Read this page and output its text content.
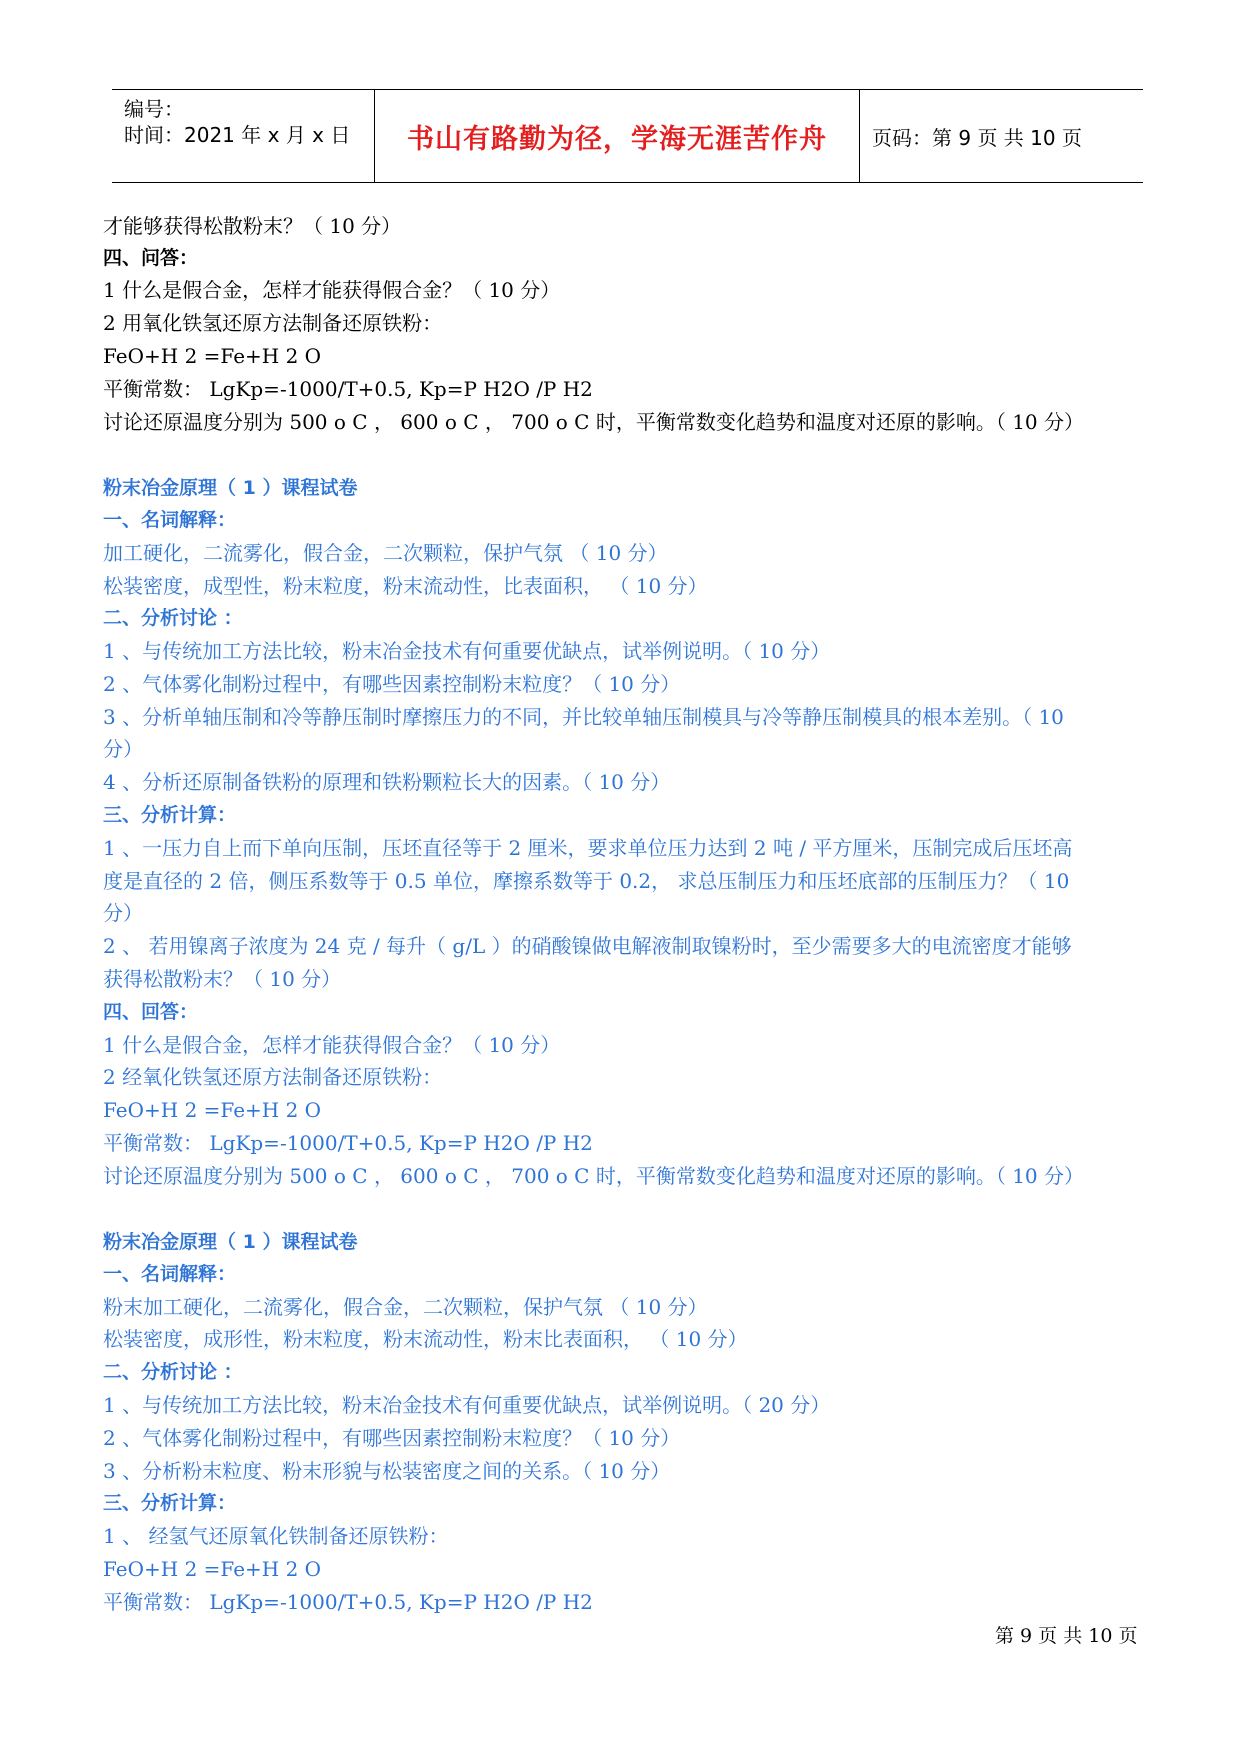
编号：
时间：2021 年 x 月 x 日 书山有路勤为径，学海无涯苦作舟 页码：第 9 页 共 10 页
才能够获得松散粉末？（ 10 分）
四、问答：
1 什么是假合金，怎样才能获得假合金？（ 10 分）
2 用氧化铁氢还原方法制备还原铁粉：
FeO+H 2 =Fe+H 2 O
平衡常数： LgKp=-1000/T+0.5, Kp=P H2O /P H2
讨论还原温度分别为 500 o C ， 600 o C ， 700 o C 时，平衡常数变化趋势和温度对还原的影响。（ 10 分）
粉末冶金原理（ 1 ）课程试卷
一、名词解释：
加工硬化，二流雾化，假合金，二次颗粒，保护气氛 （ 10 分）
松装密度，成型性，粉末粒度，粉末流动性，比表面积， （ 10 分）
二、分析讨论 ：
1 、与传统加工方法比较，粉末冶金技术有何重要优缺点，试举例说明。（ 10 分）
2 、气体雾化制粉过程中，有哪些因素控制粉末粒度？（ 10 分）
3 、分析单轴压制和冷等静压制时摩擦压力的不同，并比较单轴压制模具与冷等静压制模具的根本差别。（ 10
分）
4 、分析还原制备铁粉的原理和铁粉颗粒长大的因素。（ 10 分）
三、分析计算：
1 、一压力自上而下单向压制，压坯直径等于 2 厘米，要求单位压力达到 2 吨 / 平方厘米，压制完成后压坯高
度是直径的 2 倍，侧压系数等于 0.5 单位，摩擦系数等于 0.2， 求总压制压力和压坯底部的压制压力？（ 10
分）
2 、 若用镍离子浓度为 24 克 / 每升（ g/L ）的硝酸镍做电解液制取镍粉时，至少需要多大的电流密度才能够
获得松散粉末？（ 10 分）
四、回答：
1 什么是假合金，怎样才能获得假合金？（ 10 分）
2 经氧化铁氢还原方法制备还原铁粉：
FeO+H 2 =Fe+H 2 O
平衡常数： LgKp=-1000/T+0.5, Kp=P H2O /P H2
讨论还原温度分别为 500 o C ， 600 o C ， 700 o C 时，平衡常数变化趋势和温度对还原的影响。（ 10 分）
粉末冶金原理（ 1 ）课程试卷
一、名词解释：
粉末加工硬化，二流雾化，假合金，二次颗粒，保护气氛 （ 10 分）
松装密度，成形性，粉末粒度，粉末流动性，粉末比表面积， （ 10 分）
二、分析讨论 ：
1 、与传统加工方法比较，粉末冶金技术有何重要优缺点，试举例说明。（ 20 分）
2 、气体雾化制粉过程中，有哪些因素控制粉末粒度？（ 10 分）
3 、分析粉末粒度、粉末形貌与松装密度之间的关系。（ 10 分）
三、分析计算：
1 、 经氢气还原氧化铁制备还原铁粉：
FeO+H 2 =Fe+H 2 O
平衡常数： LgKp=-1000/T+0.5, Kp=P H2O /P H2
第 9 页 共 10 页
